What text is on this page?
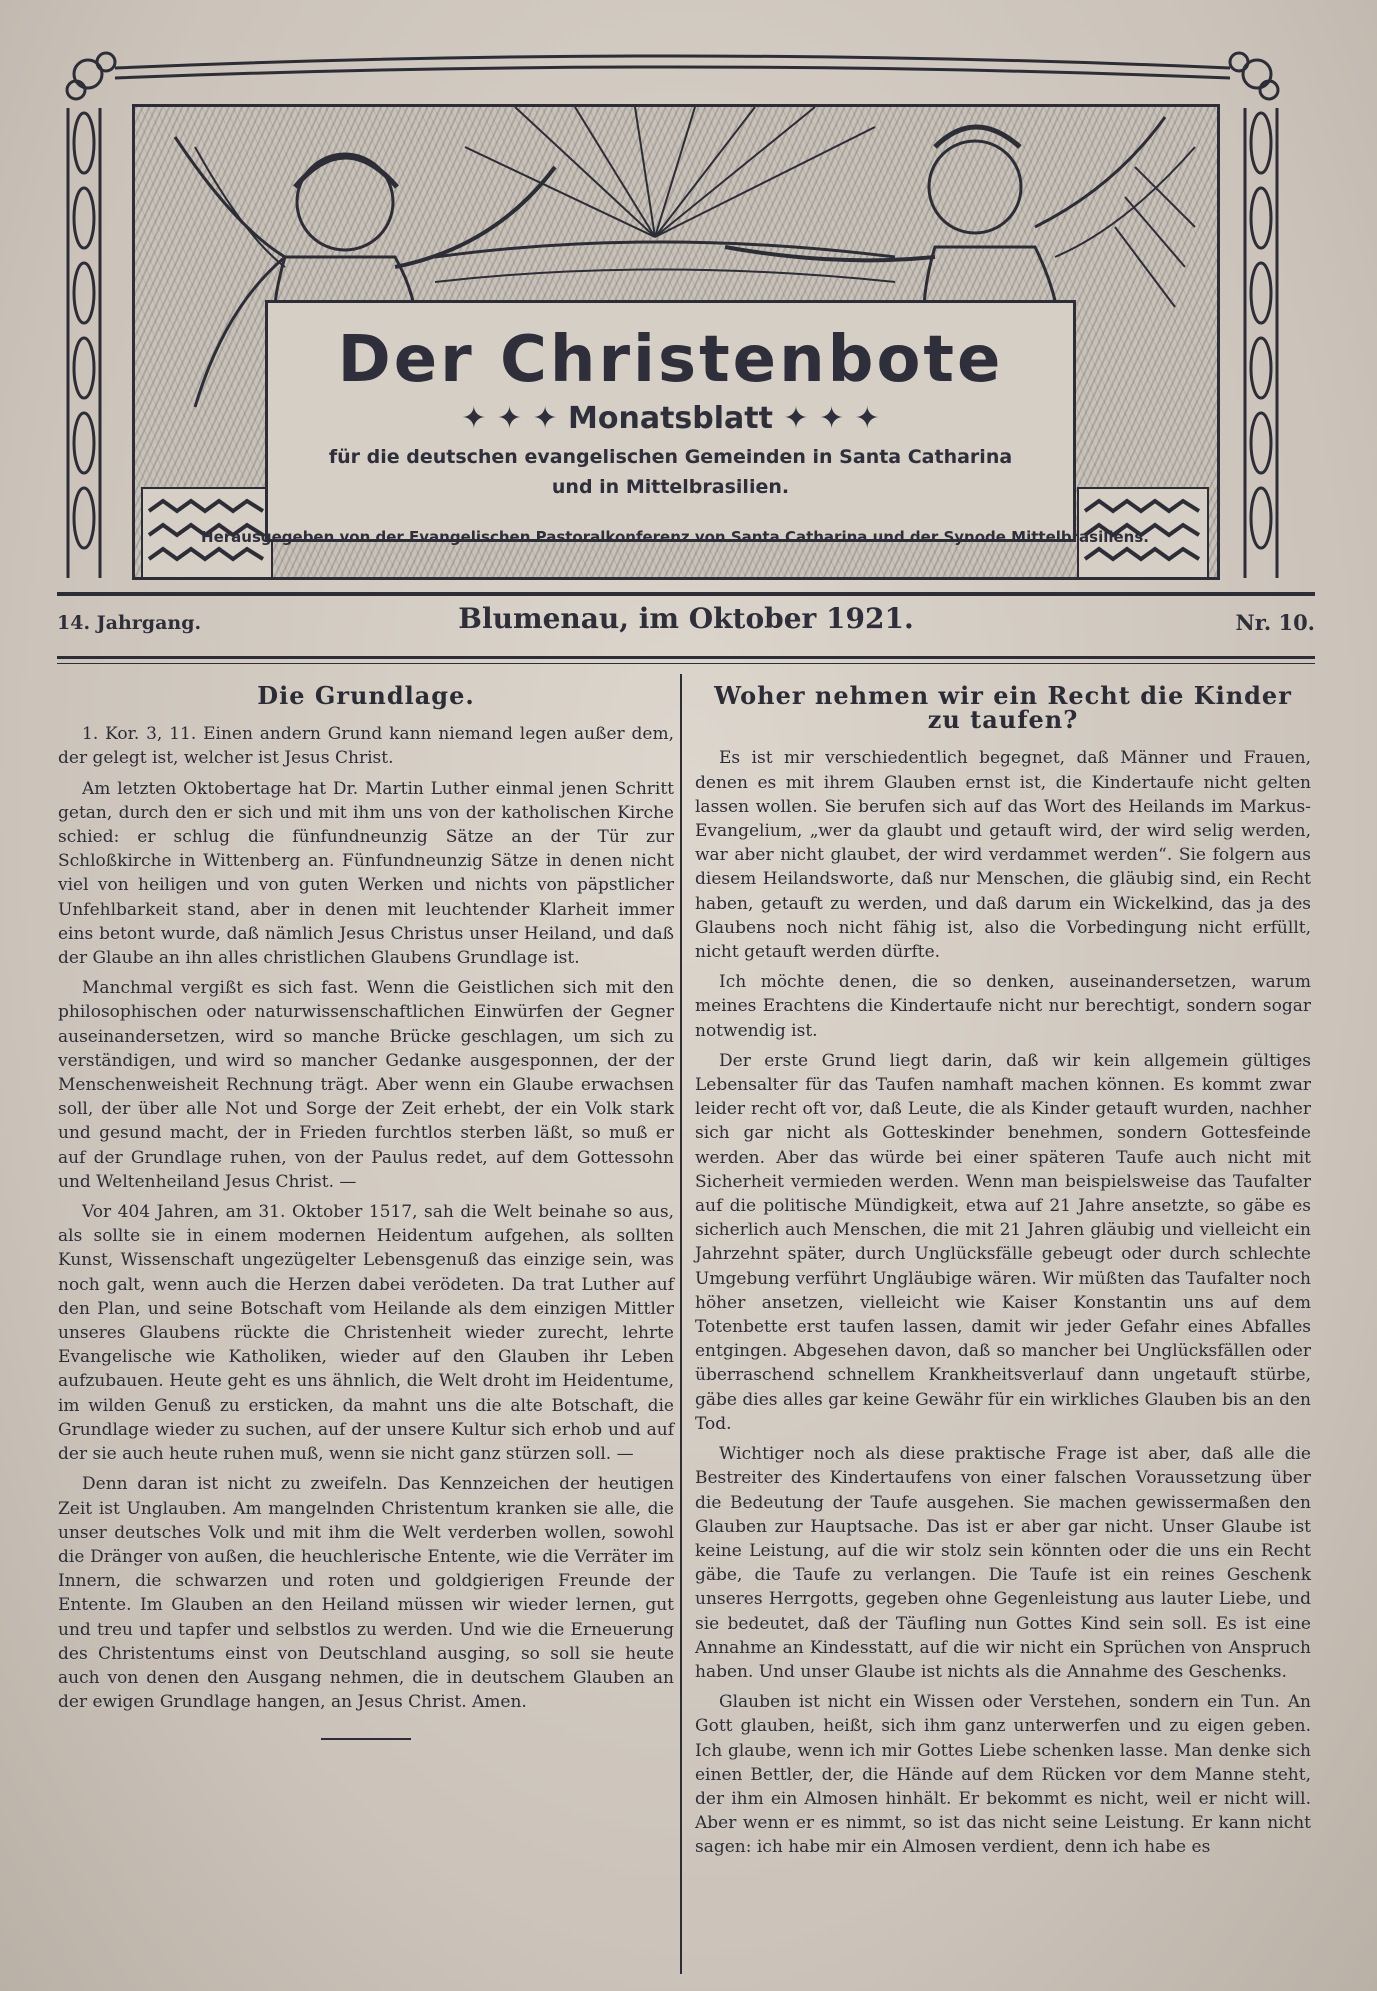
Der Christenbote
✦ ✦ ✦ Monatsblatt ✦ ✦ ✦
für die deutschen evangelischen Gemeinden in Santa Catharina
und in Mittelbrasilien.
Herausgegeben von der Evangelischen Pastoralkonferenz von Santa Catharina und der Synode Mittelbrasiliens.
14. Jahrgang.	Blumenau, im Oktober 1921.	Nr. 10.
Die Grundlage.

1. Kor. 3, 11. Einen andern Grund kann niemand legen außer dem, der gelegt ist, welcher ist Jesus Christ.

Am letzten Oktobertage hat Dr. Martin Luther einmal jenen Schritt getan, durch den er sich und mit ihm uns von der katholischen Kirche schied: er schlug die fünfundneunzig Sätze an der Tür zur Schloßkirche in Wittenberg an. Fünfundneunzig Sätze in denen nicht viel von heiligen und von guten Werken und nichts von päpstlicher Unfehlbarkeit stand, aber in denen mit leuchtender Klarheit immer eins betont wurde, daß nämlich Jesus Christus unser Heiland, und daß der Glaube an ihn alles christlichen Glaubens Grundlage ist.

Manchmal vergißt es sich fast. Wenn die Geistlichen sich mit den philosophischen oder naturwissenschaftlichen Einwürfen der Gegner auseinandersetzen, wird so manche Brücke geschlagen, um sich zu verständigen, und wird so mancher Gedanke ausgesponnen, der der Menschenweisheit Rechnung trägt. Aber wenn ein Glaube erwachsen soll, der über alle Not und Sorge der Zeit erhebt, der ein Volk stark und gesund macht, der in Frieden furchtlos sterben läßt, so muß er auf der Grundlage ruhen, von der Paulus redet, auf dem Gottessohn und Weltenheiland Jesus Christ. —

Vor 404 Jahren, am 31. Oktober 1517, sah die Welt beinahe so aus, als sollte sie in einem modernen Heidentum aufgehen, als sollten Kunst, Wissenschaft ungezügelter Lebensgenuß das einzige sein, was noch galt, wenn auch die Herzen dabei verödeten. Da trat Luther auf den Plan, und seine Botschaft vom Heilande als dem einzigen Mittler unseres Glaubens rückte die Christenheit wieder zurecht, lehrte Evangelische wie Katholiken, wieder auf den Glauben ihr Leben aufzubauen. Heute geht es uns ähnlich, die Welt droht im Heidentume, im wilden Genuß zu ersticken, da mahnt uns die alte Botschaft, die Grundlage wieder zu suchen, auf der unsere Kultur sich erhob und auf der sie auch heute ruhen muß, wenn sie nicht ganz stürzen soll. —

Denn daran ist nicht zu zweifeln. Das Kennzeichen der heutigen Zeit ist Unglauben. Am mangelnden Christentum kranken sie alle, die unser deutsches Volk und mit ihm die Welt verderben wollen, sowohl die Dränger von außen, die heuchlerische Entente, wie die Verräter im Innern, die schwarzen und roten und goldgierigen Freunde der Entente. Im Glauben an den Heiland müssen wir wieder lernen, gut und treu und tapfer und selbstlos zu werden. Und wie die Erneuerung des Christentums einst von Deutschland ausging, so soll sie heute auch von denen den Ausgang nehmen, die in deutschem Glauben an der ewigen Grundlage hangen, an Jesus Christ. Amen.

Woher nehmen wir ein Recht die Kinder zu taufen?

Es ist mir verschiedentlich begegnet, daß Männer und Frauen, denen es mit ihrem Glauben ernst ist, die Kindertaufe nicht gelten lassen wollen. Sie berufen sich auf das Wort des Heilands im Markus-Evangelium, „wer da glaubt und getauft wird, der wird selig werden, war aber nicht glaubet, der wird verdammet werden“. Sie folgern aus diesem Heilandsworte, daß nur Menschen, die gläubig sind, ein Recht haben, getauft zu werden, und daß darum ein Wickelkind, das ja des Glaubens noch nicht fähig ist, also die Vorbedingung nicht erfüllt, nicht getauft werden dürfte.

Ich möchte denen, die so denken, auseinandersetzen, warum meines Erachtens die Kindertaufe nicht nur berechtigt, sondern sogar notwendig ist.

Der erste Grund liegt darin, daß wir kein allgemein gültiges Lebensalter für das Taufen namhaft machen können. Es kommt zwar leider recht oft vor, daß Leute, die als Kinder getauft wurden, nachher sich gar nicht als Gotteskinder benehmen, sondern Gottesfeinde werden. Aber das würde bei einer späteren Taufe auch nicht mit Sicherheit vermieden werden. Wenn man beispielsweise das Taufalter auf die politische Mündigkeit, etwa auf 21 Jahre ansetzte, so gäbe es sicherlich auch Menschen, die mit 21 Jahren gläubig und vielleicht ein Jahrzehnt später, durch Unglücksfälle gebeugt oder durch schlechte Umgebung verführt Ungläubige wären. Wir müßten das Taufalter noch höher ansetzen, vielleicht wie Kaiser Konstantin uns auf dem Totenbette erst taufen lassen, damit wir jeder Gefahr eines Abfalles entgingen. Abgesehen davon, daß so mancher bei Unglücksfällen oder überraschend schnellem Krankheitsverlauf dann ungetauft stürbe, gäbe dies alles gar keine Gewähr für ein wirkliches Glauben bis an den Tod.

Wichtiger noch als diese praktische Frage ist aber, daß alle die Bestreiter des Kindertaufens von einer falschen Voraussetzung über die Bedeutung der Taufe ausgehen. Sie machen gewissermaßen den Glauben zur Hauptsache. Das ist er aber gar nicht. Unser Glaube ist keine Leistung, auf die wir stolz sein könnten oder die uns ein Recht gäbe, die Taufe zu verlangen. Die Taufe ist ein reines Geschenk unseres Herrgotts, gegeben ohne Gegenleistung aus lauter Liebe, und sie bedeutet, daß der Täufling nun Gottes Kind sein soll. Es ist eine Annahme an Kindesstatt, auf die wir nicht ein Sprüchen von Anspruch haben. Und unser Glaube ist nichts als die Annahme des Geschenks.

Glauben ist nicht ein Wissen oder Verstehen, sondern ein Tun. An Gott glauben, heißt, sich ihm ganz unterwerfen und zu eigen geben. Ich glaube, wenn ich mir Gottes Liebe schenken lasse. Man denke sich einen Bettler, der, die Hände auf dem Rücken vor dem Manne steht, der ihm ein Almosen hinhält. Er bekommt es nicht, weil er nicht will. Aber wenn er es nimmt, so ist das nicht seine Leistung. Er kann nicht sagen: ich habe mir ein Almosen verdient, denn ich habe es
